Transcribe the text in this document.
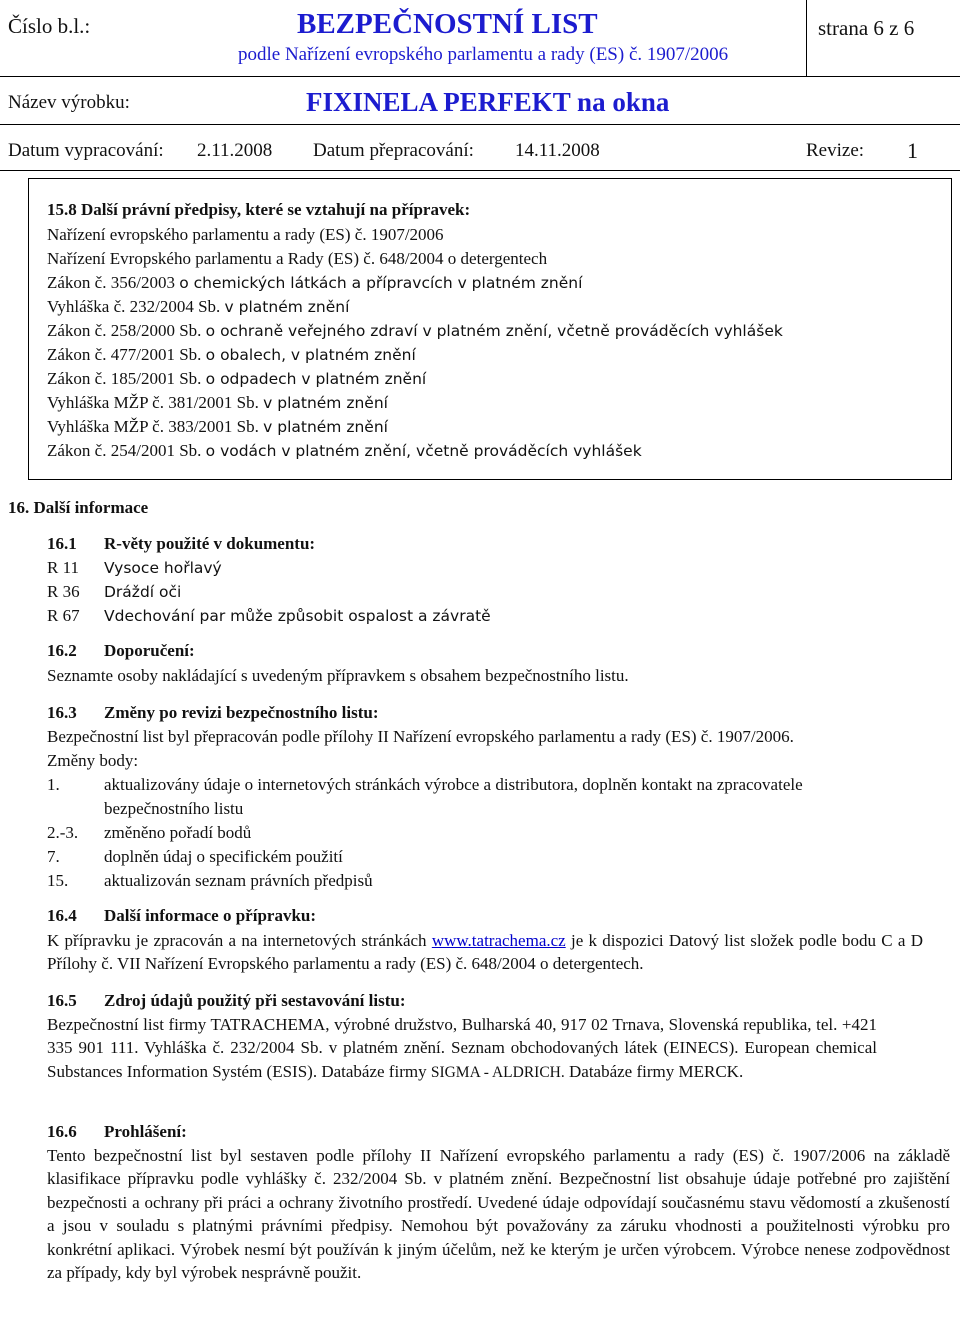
Číslo b.l.:	BEZPEČNOSTNÍ LIST
podle Nařízení evropského parlamentu a rady (ES) č. 1907/2006
strana 6 z 6
Název výrobku:	FIXINELA PERFEKT na okna
Datum vypracování: 2.11.2008 Datum přepracování: 14.11.2008	Revize: 1
15.8 Další právní předpisy, které se vztahují na přípravek:
Nařízení evropského parlamentu a rady (ES) č. 1907/2006
Nařízení Evropského parlamentu a Rady (ES) č. 648/2004 o detergentech
Zákon č. 356/2003 o chemických látkách a přípravcích v platném znění
Vyhláška č. 232/2004 Sb. v platném znění
Zákon č. 258/2000 Sb. o ochraně veřejného zdraví v platném znění, včetně prováděcích vyhlášek
Zákon č. 477/2001 Sb. o obalech, v platném znění
Zákon č. 185/2001 Sb. o odpadech v platném znění
Vyhláška MŽP č. 381/2001 Sb. v platném znění
Vyhláška MŽP č. 383/2001 Sb. v platném znění
Zákon č. 254/2001 Sb. o vodách v platném znění, včetně prováděcích vyhlášek
16. Další informace
16.1 R-věty použité v dokumentu:
R 11 Vysoce hořlavý
R 36 Dráždí oči
R 67 Vdechování par může způsobit ospalost a závratě
16.2 Doporučení:
Seznamte osoby nakládající s uvedeným přípravkem s obsahem bezpečnostního listu.
16.3 Změny po revizi bezpečnostního listu:
Bezpečnostní list byl přepracován podle přílohy II Nařízení evropského parlamentu a rady (ES) č. 1907/2006.
Změny body:
1.	aktualizovány údaje o internetových stránkách výrobce a distributora, doplněn kontakt na zpracovatele
bezpečnostního listu
2.-3. změněno pořadí bodů
7.	doplněn údaj o specifickém použití
15. aktualizován seznam právních předpisů
16.4 Další informace o přípravku:
K přípravku je zpracován a na internetových stránkách www.tatrachema.cz je k dispozici Datový list složek podle bodu C a D Přílohy č. VII Nařízení Evropského parlamentu a rady (ES) č. 648/2004 o detergentech.
16.5 Zdroj údajů použitý při sestavování listu:
Bezpečnostní list firmy TATRACHEMA, výrobné družstvo, Bulharská 40, 917 02 Trnava, Slovenská republika, tel. +421 335 901 111. Vyhláška č. 232/2004 Sb. v platném znění. Seznam obchodovaných látek (EINECS). European chemical Substances Information Systém (ESIS). Databáze firmy SIGMA - ALDRICH. Databáze firmy MERCK.
16.6 Prohlášení:
Tento bezpečnostní list byl sestaven podle přílohy II Nařízení evropského parlamentu a rady (ES) č. 1907/2006 na základě klasifikace přípravku podle vyhlášky č. 232/2004 Sb. v platném znění. Bezpečnostní list obsahuje údaje potřebné pro zajištění bezpečnosti a ochrany při práci a ochrany životního prostředí. Uvedené údaje odpovídají současnému stavu vědomostí a zkušeností a jsou v souladu s platnými právními předpisy. Nemohou být považovány za záruku vhodnosti a použitelnosti výrobku pro konkrétní aplikaci. Výrobek nesmí být používán k jiným účelům, než ke kterým je určen výrobcem. Výrobce nenese zodpovědnost za případy, kdy byl výrobek nesprávně použit.
